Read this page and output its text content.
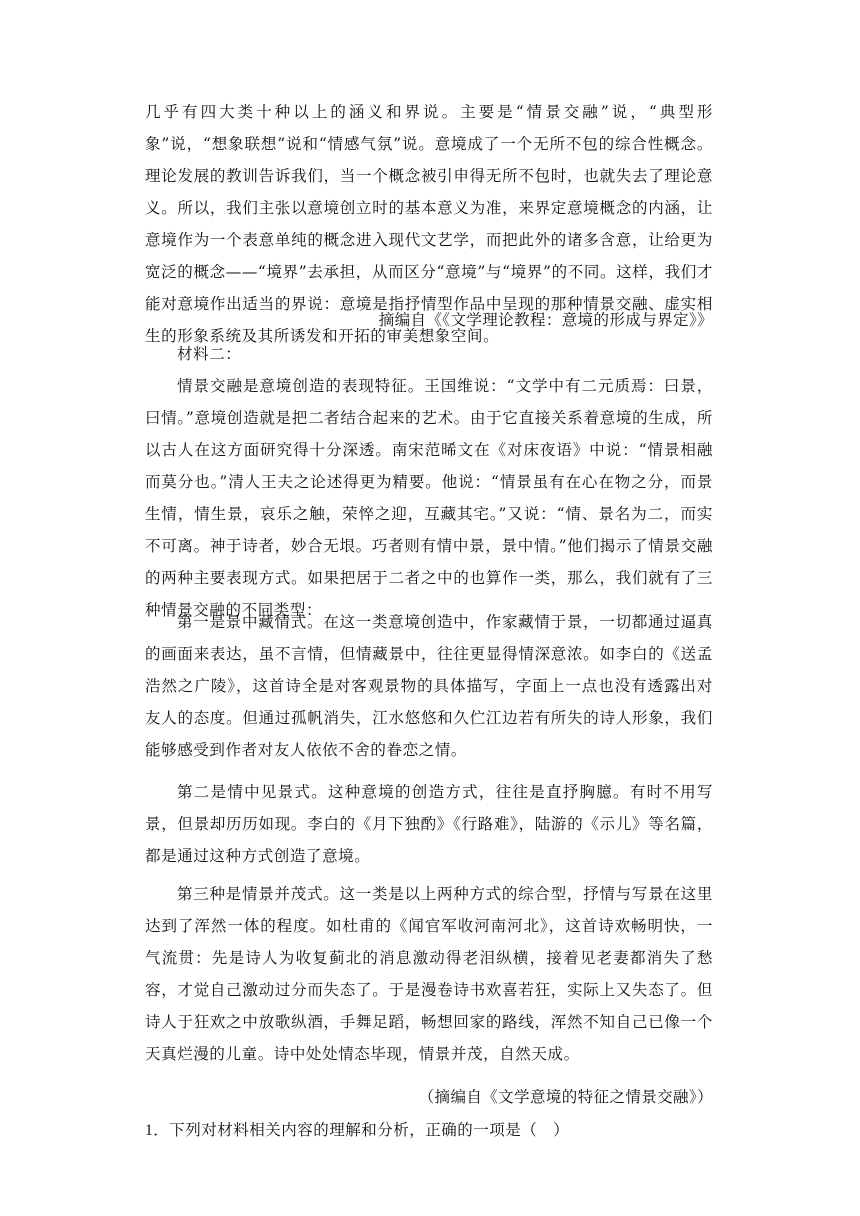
几乎有四大类十种以上的涵义和界说。主要是“情景交融”说，“典型形象”说，“想象联想”说和“情感气氛”说。意境成了一个无所不包的综合性概念。理论发展的教训告诉我们，当一个概念被引申得无所不包时，也就失去了理论意义。所以，我们主张以意境创立时的基本意义为准，来界定意境概念的内涵，让意境作为一个表意单纯的概念进入现代文艺学，而把此外的诸多含意，让给更为宽泛的概念——“境界”去承担，从而区分“意境”与“境界”的不同。这样，我们才能对意境作出适当的界说：意境是指抒情型作品中呈现的那种情景交融、虚实相生的形象系统及其所诱发和开拓的审美想象空间。

摘编自《《文学理论教程：意境的形成与界定》》

材料二：

情景交融是意境创造的表现特征。王国维说：“文学中有二元质焉：曰景，曰情。”意境创造就是把二者结合起来的艺术。由于它直接关系着意境的生成，所以古人在这方面研究得十分深透。南宋范晞文在《对床夜语》中说：“情景相融而莫分也。”清人王夫之论述得更为精要。他说：“情景虽有在心在物之分，而景生情，情生景，哀乐之触，荣悴之迎，互藏其宅。”又说：“情、景名为二，而实不可离。神于诗者，妙合无垠。巧者则有情中景，景中情。”他们揭示了情景交融的两种主要表现方式。如果把居于二者之中的也算作一类，那么，我们就有了三种情景交融的不同类型：

第一是景中藏情式。在这一类意境创造中，作家藏情于景，一切都通过逼真的画面来表达，虽不言情，但情藏景中，往往更显得情深意浓。如李白的《送孟浩然之广陵》，这首诗全是对客观景物的具体描写，字面上一点也没有透露出对友人的态度。但通过孤帆消失，江水悠悠和久伫江边若有所失的诗人形象，我们能够感受到作者对友人依依不舍的眷恋之情。

第二是情中见景式。这种意境的创造方式，往往是直抒胸臆。有时不用写景，但景却历历如现。李白的《月下独酌》《行路难》，陆游的《示儿》等名篇，都是通过这种方式创造了意境。

第三种是情景并茂式。这一类是以上两种方式的综合型，抒情与写景在这里达到了浑然一体的程度。如杜甫的《闻官军收河南河北》，这首诗欢畅明快，一气流贯：先是诗人为收复蓟北的消息激动得老泪纵横，接着见老妻都消失了愁容，才觉自己激动过分而失态了。于是漫卷诗书欢喜若狂，实际上又失态了。但诗人于狂欢之中放歌纵酒，手舞足蹈，畅想回家的路线，浑然不知自己已像一个天真烂漫的儿童。诗中处处情态毕现，情景并茂，自然天成。

（摘编自《文学意境的特征之情景交融》）
1．下列对材料相关内容的理解和分析，正确的一项是（　）
